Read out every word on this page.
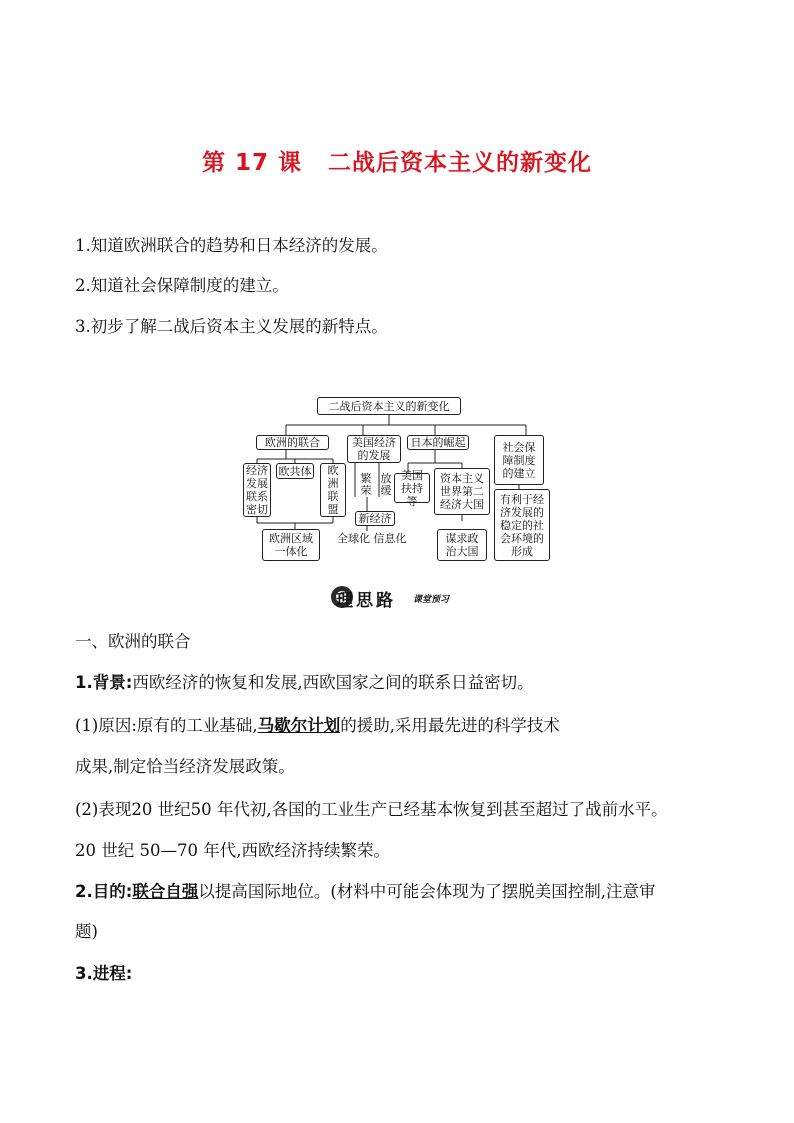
第 17 课 二战后资本主义的新变化
1.知道欧洲联合的趋势和日本经济的发展。
2.知道社会保障制度的建立。
3.初步了解二战后资本主义发展的新特点。
二战后资本主义的新变化
欧洲的联合
经济发展联系密切
欧共体	欧洲联盟
欧洲区域一体化
美国经济的发展
繁荣
放缓
新经济
全球化 信息化
日本的崛起
美国扶持等
资本主义世界第二经济大国
谋求政治大国
社会保障制度的建立
有利于经济发展的稳定的社会环境的形成
理思路 课堂预习
一、欧洲的联合
1.背景:西欧经济的恢复和发展,西欧国家之间的联系日益密切。
(1)原因:原有的工业基础,马歇尔计划的援助,采用最先进的科学技术
成果,制定恰当经济发展政策。
(2)表现20 世纪50 年代初,各国的工业生产已经基本恢复到甚至超过了战前水平。
20 世纪 50—70 年代,西欧经济持续繁荣。
2.目的:联合自强以提高国际地位。(材料中可能会体现为了摆脱美国控制,注意审
题)
3.进程:
